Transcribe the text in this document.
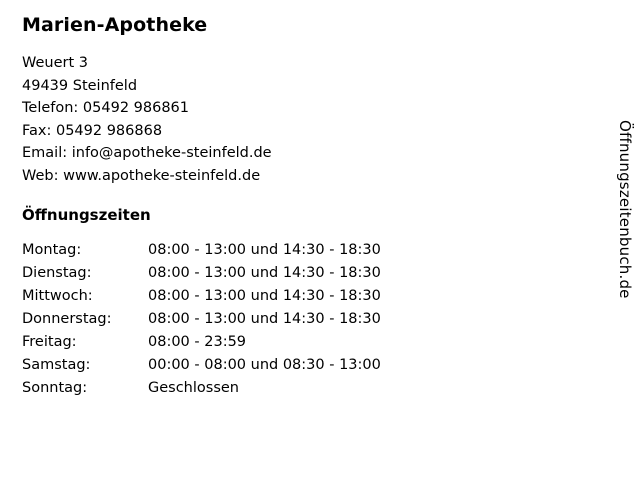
Marien-Apotheke
Weuert 3
49439 Steinfeld
Telefon: 05492 986861
Fax: 05492 986868
Email: info@apotheke-steinfeld.de
Web: www.apotheke-steinfeld.de
Öffnungszeiten
Montag:	08:00 - 13:00 und 14:30 - 18:30
Dienstag:	08:00 - 13:00 und 14:30 - 18:30
Mittwoch:	08:00 - 13:00 und 14:30 - 18:30
Donnerstag:	08:00 - 13:00 und 14:30 - 18:30
Freitag:	08:00 - 23:59
Samstag:	00:00 - 08:00 und 08:30 - 13:00
Sonntag:	Geschlossen
Öffnungszeitenbuch.de
